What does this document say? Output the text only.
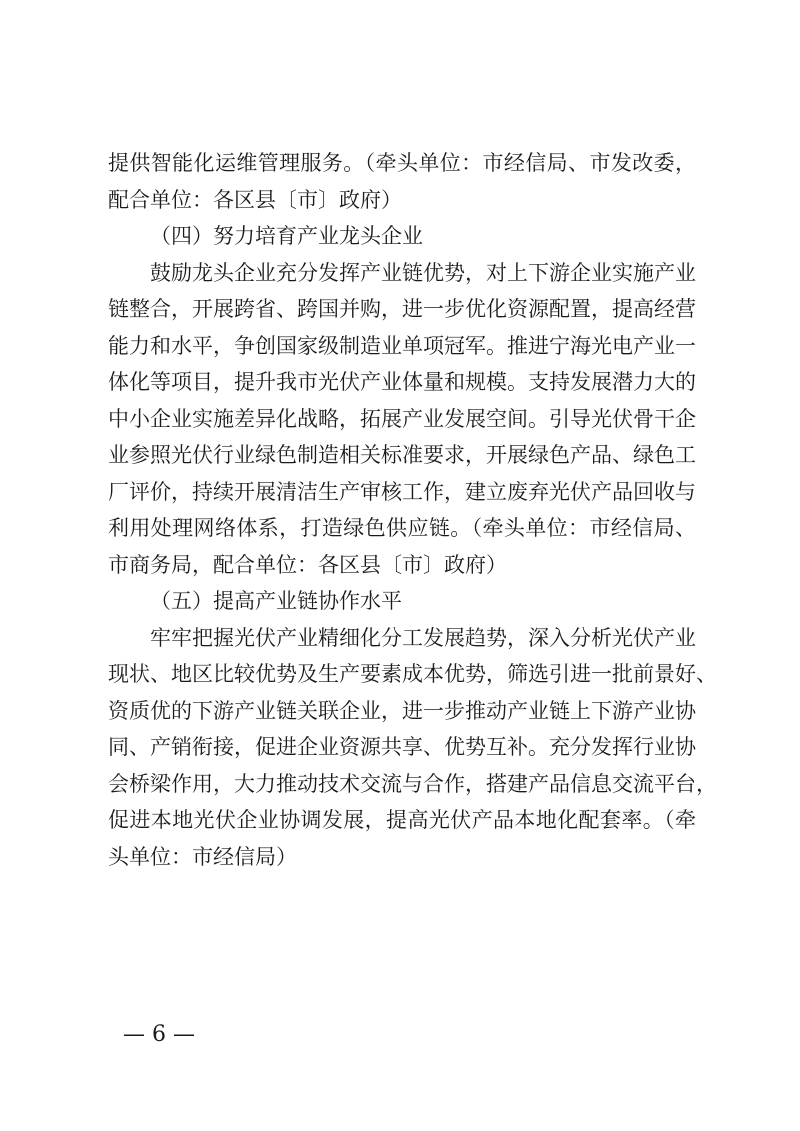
提供智能化运维管理服务。（牵头单位：市经信局、市发改委，
配合单位：各区县〔市〕政府）
（四）努力培育产业龙头企业
鼓励龙头企业充分发挥产业链优势，对上下游企业实施产业
链整合，开展跨省、跨国并购，进一步优化资源配置，提高经营
能力和水平，争创国家级制造业单项冠军。推进宁海光电产业一
体化等项目，提升我市光伏产业体量和规模。支持发展潜力大的
中小企业实施差异化战略，拓展产业发展空间。引导光伏骨干企
业参照光伏行业绿色制造相关标准要求，开展绿色产品、绿色工
厂评价，持续开展清洁生产审核工作，建立废弃光伏产品回收与
利用处理网络体系，打造绿色供应链。（牵头单位：市经信局、
市商务局，配合单位：各区县〔市〕政府）
（五）提高产业链协作水平
牢牢把握光伏产业精细化分工发展趋势，深入分析光伏产业
现状、地区比较优势及生产要素成本优势，筛选引进一批前景好、
资质优的下游产业链关联企业，进一步推动产业链上下游产业协
同、产销衔接，促进企业资源共享、优势互补。充分发挥行业协
会桥梁作用，大力推动技术交流与合作，搭建产品信息交流平台，
促进本地光伏企业协调发展，提高光伏产品本地化配套率。（牵
头单位：市经信局）
— 6 —
